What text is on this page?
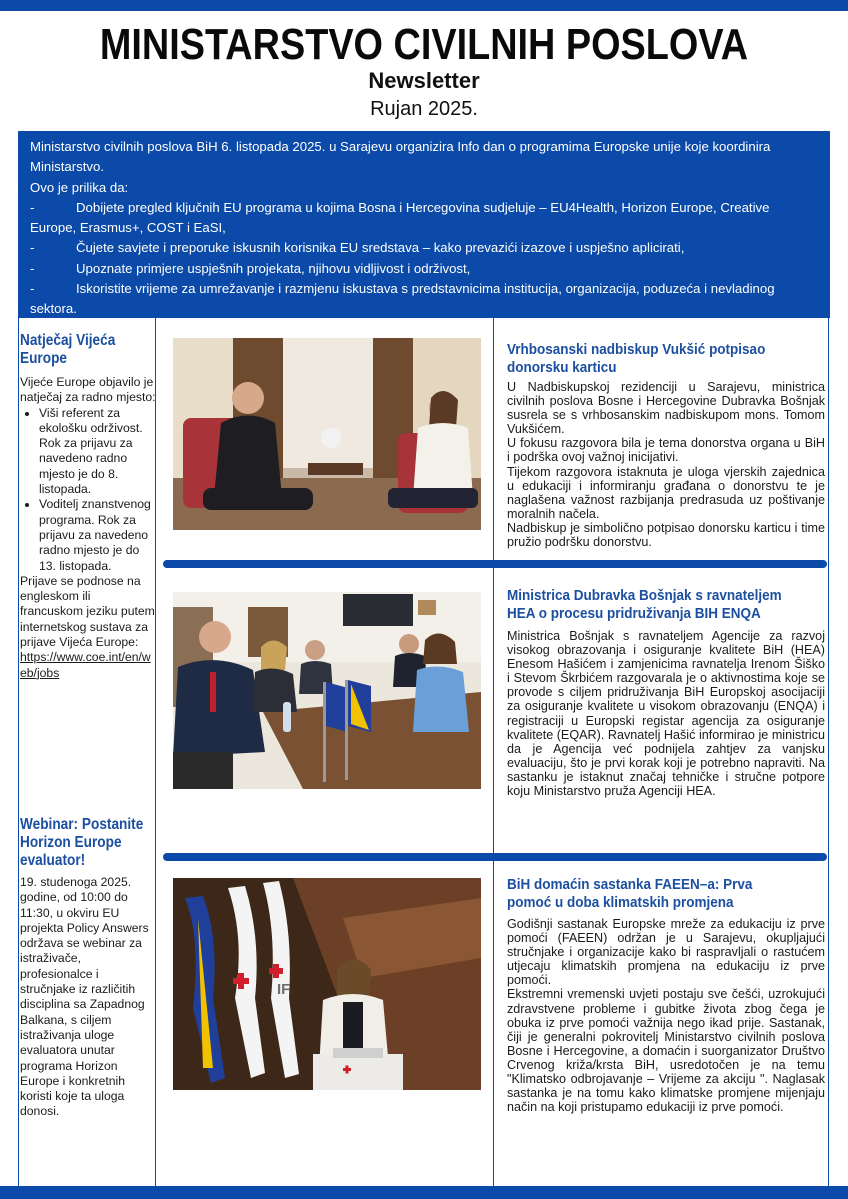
MINISTARSTVO CIVILNIH POSLOVA
Newsletter
Rujan 2025.

Ministarstvo civilnih poslova BiH 6. listopada 2025. u Sarajevu organizira Info dan o programima Europske unije koje koordinira Ministarstvo.

Ovo je prilika da:

-	Dobijete pregled ključnih EU programa u kojima Bosna i Hercegovina sudjeluje – EU4Health, Horizon Europe, Creative Europe, Erasmus+, COST i EaSI,

-	Čujete savjete i preporuke iskusnih korisnika EU sredstava – kako prevazići izazove i uspješno aplicirati,

-	Upoznate primjere uspješnih projekata, njihovu vidljivost i održivost,

-	Iskoristite vrijeme za umrežavanje i razmjenu iskustava s predstavnicima institucija, organizacija, poduzeća i nevladinog sektora.

Natječaj Vijeća Europe
Vijeće Europe objavilo je natječaj za radno mjesto:
• Viši referent za ekološku održivost. Rok za prijavu za navedeno radno mjesto je do 8. listopada.
• Voditelj znanstvenog programa. Rok za prijavu za navedeno radno mjesto je do 13. listopada.
Prijave se podnose na engleskom ili francuskom jeziku putem internetskog sustava za prijave Vijeća Europe:
https://www.coe.int/en/web/jobs
Webinar: Postanite Horizon Europe evaluator!
19. studenoga 2025. godine, od 10:00 do 11:30, u okviru EU projekta Policy Answers održava se webinar za istraživače, profesionalce i stručnjake iz različitih disciplina sa Zapadnog Balkana, s ciljem istraživanja uloge evaluatora unutar programa Horizon Europe i konkretnih koristi koje ta uloga donosi.
Vrhbosanski nadbiskup Vukšić potpisao donorsku karticu

U Nadbiskupskoj rezidenciji u Sarajevu, ministrica civilnih poslova Bosne i Hercegovine Dubravka Bošnjak susrela se s vrhbosanskim nadbiskupom mons. Tomom Vukšićem.

U fokusu razgovora bila je tema donorstva organa u BiH i podrška ovoj važnoj inicijativi.

Tijekom razgovora istaknuta je uloga vjerskih zajednica u edukaciji i informiranju građana o donorstvu te je naglašena važnost razbijanja predrasuda uz poštivanje moralnih načela.

Nadbiskup je simbolično potpisao donorsku karticu i time pružio podršku donorstvu.

Ministrica Dubravka Bošnjak s ravnateljem HEA o procesu pridruživanja BIH ENQA

Ministrica Bošnjak s ravnateljem Agencije za razvoj visokog obrazovanja i osiguranje kvalitete BiH (HEA) Enesom Hašićem i zamjenicima ravnatelja Irenom Šiško i Stevom Škrbićem razgovarala je o aktivnostima koje se provode s ciljem pridruživanja BiH Europskoj asocijaciji za osiguranje kvalitete u visokom obrazovanju (ENQA) i registraciji u Europski registar agencija za osiguranje kvalitete (EQAR). Ravnatelj Hašić informirao je ministricu da je Agencija već podnijela zahtjev za vanjsku evaluaciju, što je prvi korak koji je potrebno napraviti. Na sastanku je istaknut značaj tehničke i stručne potpore koju Ministarstvo pruža Agenciji HEA.

IF
BiH domaćin sastanka FAEEN–a: Prva pomoć u doba klimatskih promjena

Godišnji sastanak Europske mreže za edukaciju iz prve pomoći (FAEEN) održan je u Sarajevu, okupljajući stručnjake i organizacije kako bi raspravljali o rastućem utjecaju klimatskih promjena na edukaciju iz prve pomoći.

Ekstremni vremenski uvjeti postaju sve češći, uzrokujući zdravstvene probleme i gubitke života zbog čega je obuka iz prve pomoći važnija nego ikad prije. Sastanak, čiji je generalni pokrovitelj Ministarstvo civilnih poslova Bosne i Hercegovine, a domaćin i suorganizator Društvo Crvenog križa/krsta BiH, usredotočen je na temu "Klimatsko odbrojavanje – Vrijeme za akciju ". Naglasak sastanka je na tomu kako klimatske promjene mijenjaju način na koji pristupamo edukaciji iz prve pomoći.
